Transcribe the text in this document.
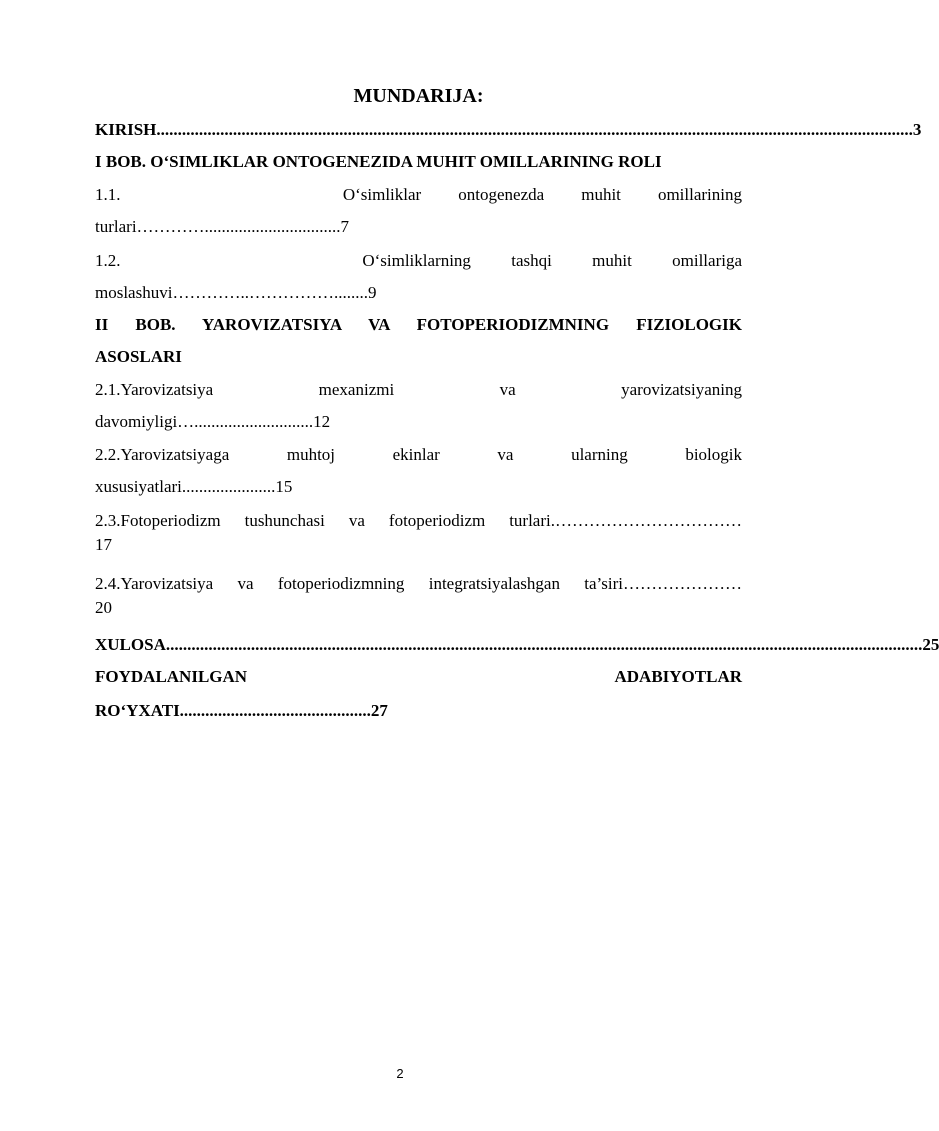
MUNDARIJA:
KIRISH .................................................................................................................................................................................. 3
I BOB. O‘SIMLIKLAR ONTOGENEZIDA MUHIT OMILLARINING ROLI
1.1.      O‘simliklar ontogenezda muhit omillarining
turlari…………................................7
1.2.      O‘simliklarning tashqi muhit omillariga
moslashuvi…………..……………........9
II BOB. YAROVIZATSIYA VA FOTOPERIODIZMNING FIZIOLOGIK
ASOSLARI
2.1.Yarovizatsiya mexanizmi va yarovizatsiyaning
davomiyligi…............................12
2.2.Yarovizatsiyaga muhtoj ekinlar va ularning biologik
xususiyatlari......................15
2.3.Fotoperiodizm tushunchasi va fotoperiodizm turlari.……………………………
17
2.4.Yarovizatsiya va fotoperiodizmning integratsiyalashgan ta’siri…………………
20
XULOSA .................................................................................................................................................................................. 25
FOYDALANILGAN ADABIYOTLAR
RO‘YXATI.............................................27
2
